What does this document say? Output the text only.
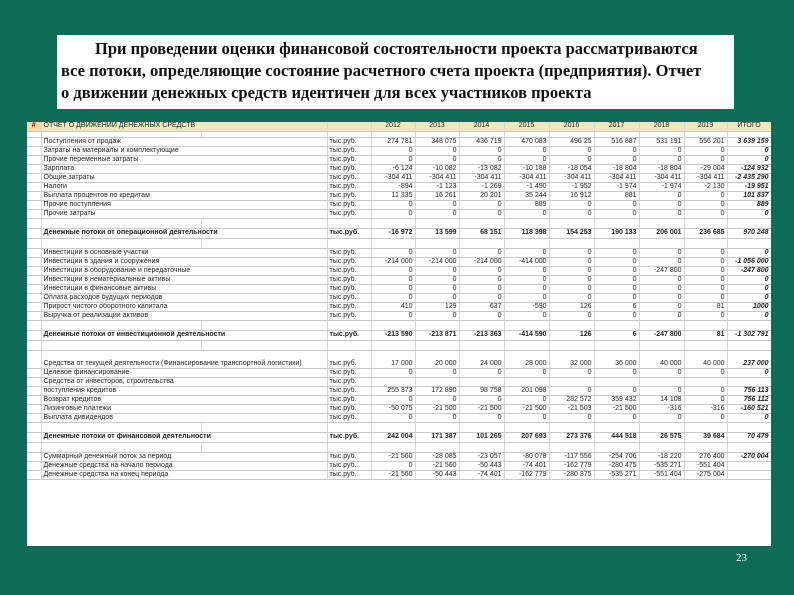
При проведении оценки финансовой состоятельности проекта рассматриваются
все потоки, определяющие состояние расчетного счета проекта (предприятия). Отчет
о движении денежных средств идентичен для всех участников проекта
#	ОТЧЕТ О ДВИЖЕНИИ ДЕНЕЖНЫХ СРЕДСТВ			2012	2013	2014	2015	2016	2017	2018	2019	ИТОГО

	Поступления от продаж		тыс.руб.	274 781	348 075	436 719	470 083	496 25	516 887	531 191	556 201	3 639 159
	Затраты на материалы и комплектующие		тыс.руб.	0	0	0	0	0	0	0	0	0
	Прочие переменные затраты		тыс.руб.	0	0	0	0	0	0	0	0	0
	Зарплата		тыс.руб.	-6 124	-10 082	-13 082	-10 188	-18 054	-18 804	-18 804	-29 004	-124 932
	Общие затраты		тыс.руб.	-304 411	-304 411	-304 411	-304 411	-304 411	-304 411	-304 411	-304 411	-2 435 290
	Налоги		тыс.руб.	-894	-1 123	-1 269	-1 490	-1 952	-1 974	-1 974	-2 130	-19 951
	Выплата процентов по кредитам		тыс.руб.	11 335	16 261	20 201	35 244	16 912	881	0	0	101 837
	Прочие поступления		тыс.руб.	0	0	0	889	0	0	0	0	889
	Прочие затраты		тыс.руб.	0	0	0	0	0	0	0	0	0

	Денежные потоки от операционной деятельности		тыс.руб.	-16 972	13 599	68 151	118 398	154 253	190 133	206 001	236 685	970 248

	Инвестиции в основные участки		тыс.руб.	0	0	0	0	0	0	0	0	0
	Инвестиции в здания и сооружения		тыс.руб.	-214 000	-214 000	-214 000	-414 000	0	0	0	0	-1 056 000
	Инвестиции в оборудование и передаточные		тыс.руб.	0	0	0	0	0	0	-247 800	0	-247 800
	Инвестиции в нематериальные активы		тыс.руб.	0	0	0	0	0	0	0	0	0
	Инвестиции в финансовые активы		тыс.руб.	0	0	0	0	0	0	0	0	0
	Оплата расходов будущих периодов		тыс.руб.	0	0	0	0	0	0	0	0	0
	Прирост чистого оборотного капитала		тыс.руб.	410	129	637	-590	126	6	0	81	1000
	Выручка от реализации активов		тыс.руб.	0	0	0	0	0	0	0	0	0

	Денежные потоки от инвестиционной деятельности		тыс.руб.	-213 590	-213 871	-213 363	-414 590	126	6	-247 800	81	-1 302 791

	Средства от текущей деятельности (Финансирование транспортной логистики)		тыс.руб.	17 000	20 000	24 000	28 000	32 000	36 000	40 000	40 000	237 000
	Целевое финансирование		тыс.руб.	0	0	0	0	0	0	0	0	0
	Средства от инвесторов, строительства		тыс.руб.									
	поступления кредитов		тыс.руб.	255 373	172 890	98 758	201 098	0	0	0	0	756 113
	Возврат кредитов		тыс.руб.	0	0	0	0	282 572	359 432	14 108	0	756 112
	Лизинговые платежи		тыс.руб.	-50 075	-21 500	-21 500	-21 500	-21 503	-21 500	-316	-316	-160 521
	Выплата дивидендов		тыс.руб.	0	0	0	0	0	0	0	0	0

	Денежные потоки от финансовой деятельности		тыс.руб.	242 004	171 387	101 265	207 693	273 376	444 518	26 575	39 684	70 479

	Суммарный денежный поток за период		тыс.руб.	-21 560	-28 085	-23 057	-80 078	-117 556	-254 706	-18 220	276 400	-270 004
	Денежные средства на начало периода		тыс.руб.	0	-21 560	-50 443	-74 401	-162 779	-280 475	-535 271	-551 404	
	Денежные средства на конец периода		тыс.руб.	-21 560	-50 443	-74 401	-162 779	-280 375	-535 271	-551 404	-275 004	
23
